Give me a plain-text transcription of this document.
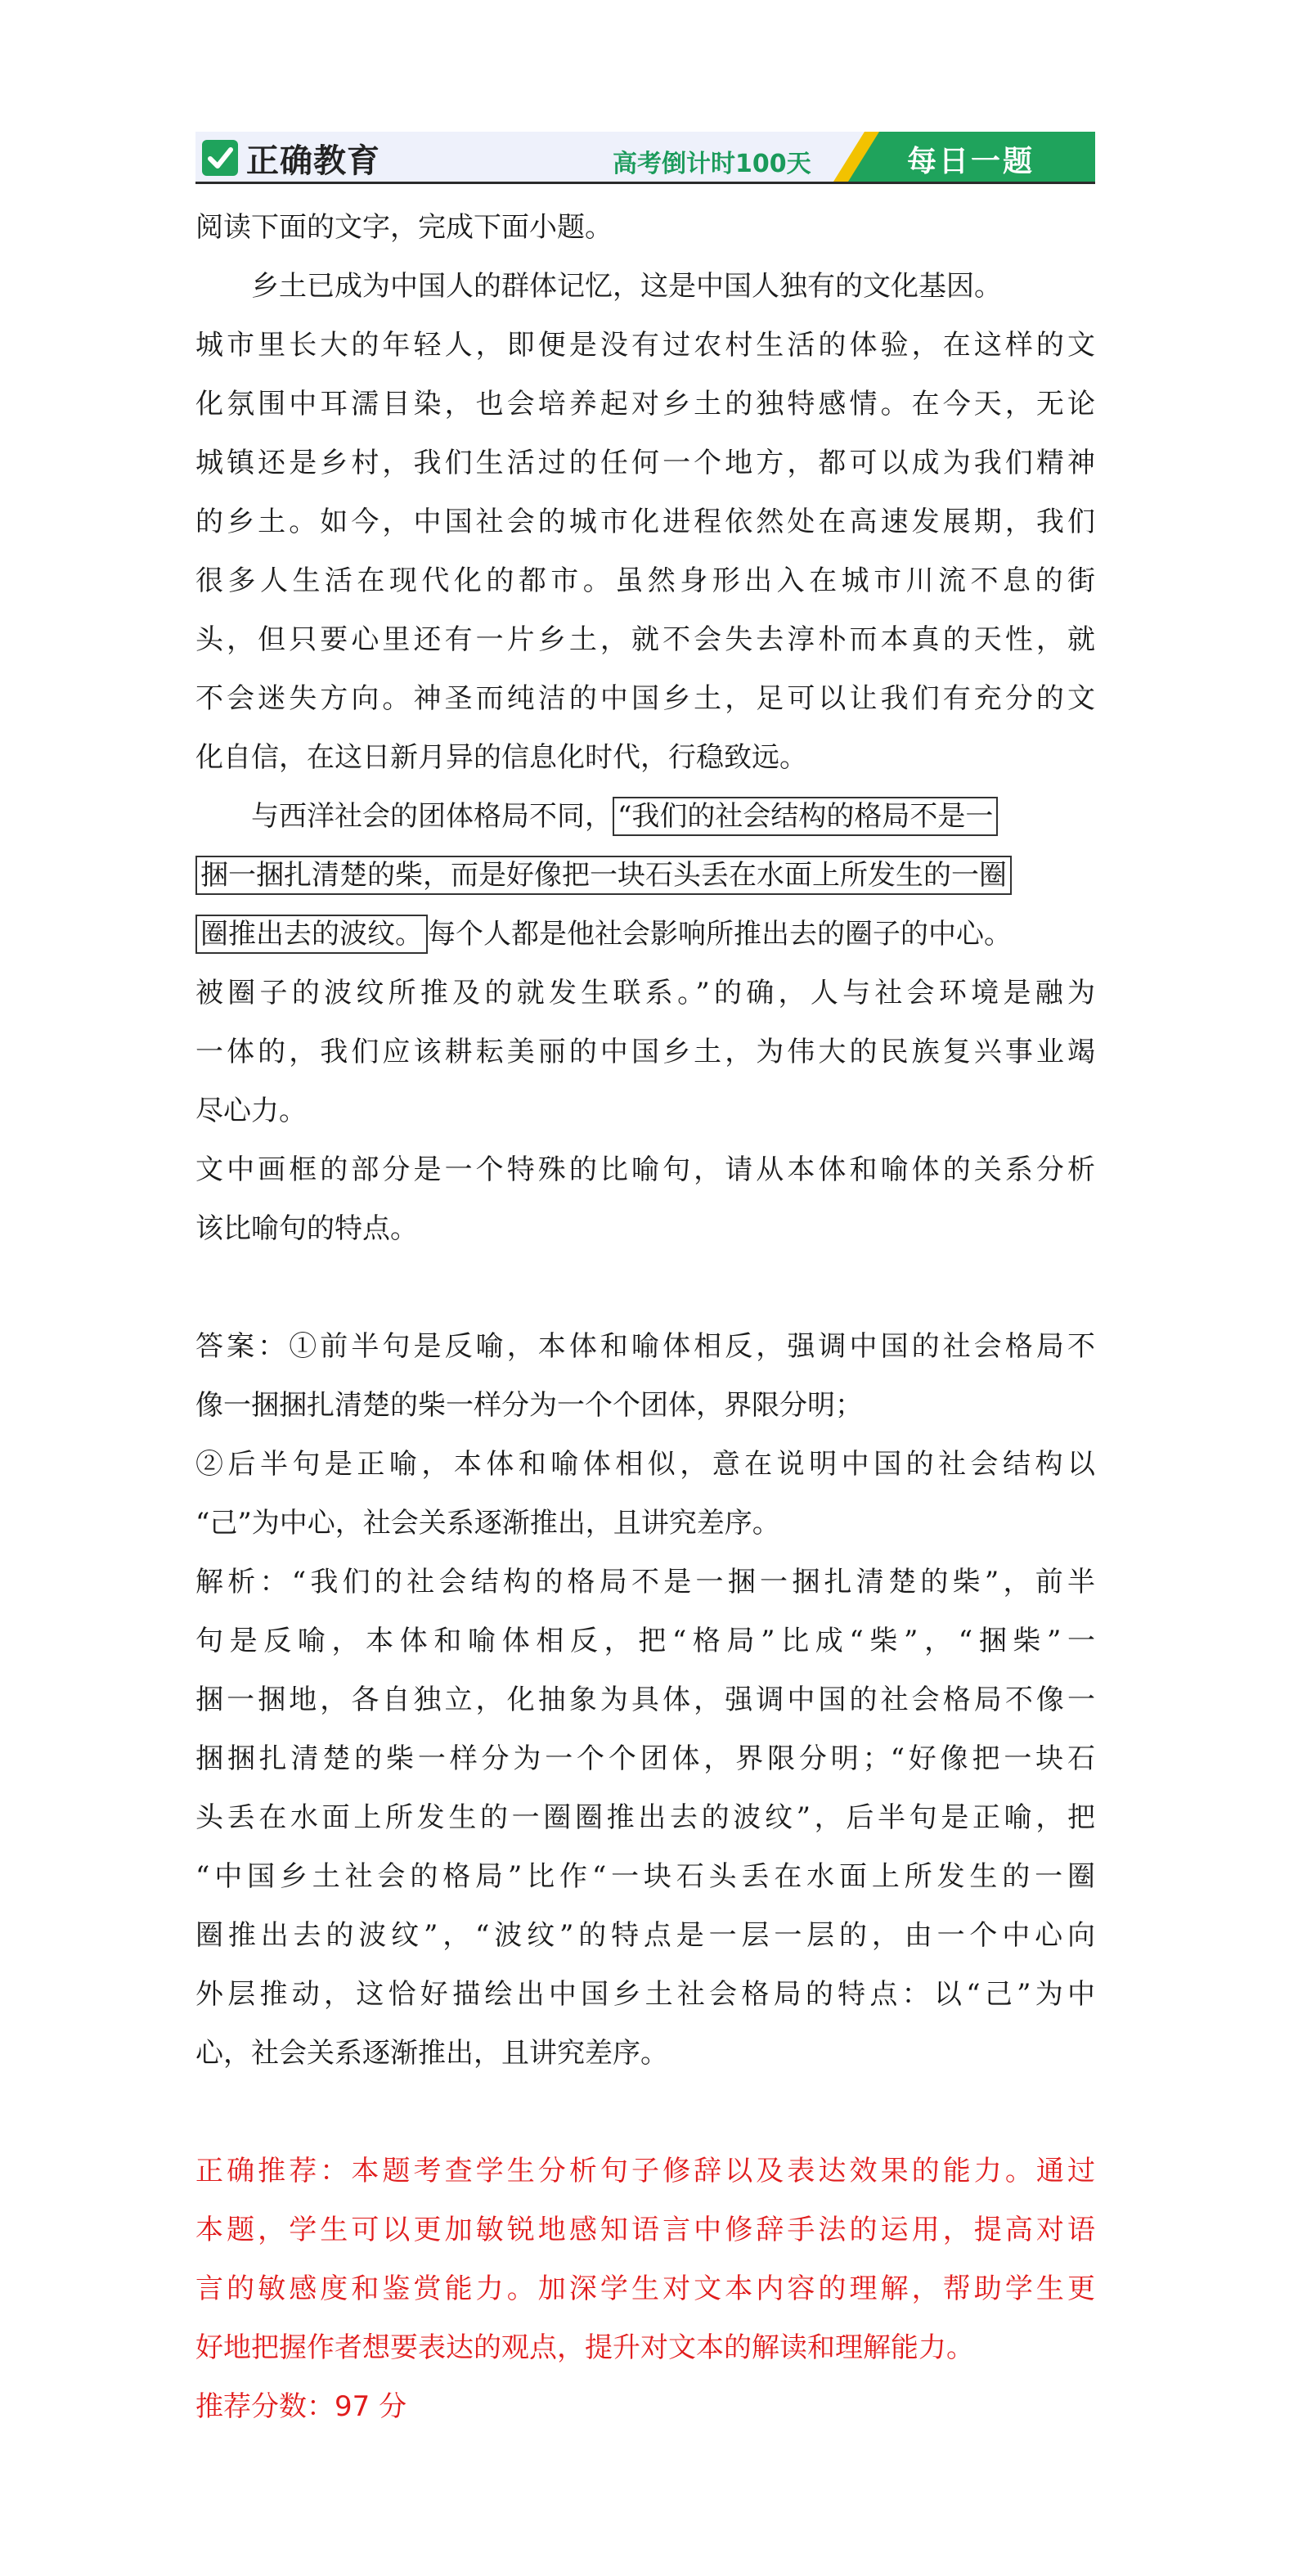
正确教育	高考倒计时100天	每日一题
阅读下面的文字，完成下面小题。
乡土已成为中国人的群体记忆，这是中国人独有的文化基因。
城市里长大的年轻人，即便是没有过农村生活的体验，在这样的文
化氛围中耳濡目染，也会培养起对乡土的独特感情。在今天，无论
城镇还是乡村，我们生活过的任何一个地方，都可以成为我们精神
的乡土。如今，中国社会的城市化进程依然处在高速发展期，我们
很多人生活在现代化的都市。虽然身形出入在城市川流不息的街
头，但只要心里还有一片乡土，就不会失去淳朴而本真的天性，就
不会迷失方向。神圣而纯洁的中国乡土，足可以让我们有充分的文
化自信，在这日新月异的信息化时代，行稳致远。
与西洋社会的团体格局不同， “我们的社会结构的格局不是一
捆一捆扎清楚的柴，而是好像把一块石头丢在水面上所发生的一圈
圈推出去的波纹。 每个人都是他社会影响所推出去的圈子的中心。
被圈子的波纹所推及的就发生联系。”的确，人与社会环境是融为
一体的，我们应该耕耘美丽的中国乡土，为伟大的民族复兴事业竭
尽心力。
文中画框的部分是一个特殊的比喻句，请从本体和喻体的关系分析
该比喻句的特点。
答案：①前半句是反喻，本体和喻体相反，强调中国的社会格局不
像一捆捆扎清楚的柴一样分为一个个团体，界限分明；
②后半句是正喻，本体和喻体相似，意在说明中国的社会结构以
“己”为中心，社会关系逐渐推出，且讲究差序。
解析：“我们的社会结构的格局不是一捆一捆扎清楚的柴”，前半
句是反喻，本体和喻体相反，把“格局”比成“柴”，“捆柴”一
捆一捆地，各自独立，化抽象为具体，强调中国的社会格局不像一
捆捆扎清楚的柴一样分为一个个团体，界限分明；“好像把一块石
头丢在水面上所发生的一圈圈推出去的波纹”，后半句是正喻，把
“中国乡土社会的格局”比作“一块石头丢在水面上所发生的一圈
圈推出去的波纹”，“波纹”的特点是一层一层的，由一个中心向
外层推动，这恰好描绘出中国乡土社会格局的特点：以“己”为中
心，社会关系逐渐推出，且讲究差序。
正确推荐：本题考查学生分析句子修辞以及表达效果的能力。通过
本题，学生可以更加敏锐地感知语言中修辞手法的运用，提高对语
言的敏感度和鉴赏能力。加深学生对文本内容的理解，帮助学生更
好地把握作者想要表达的观点，提升对文本的解读和理解能力。
推荐分数：97 分
